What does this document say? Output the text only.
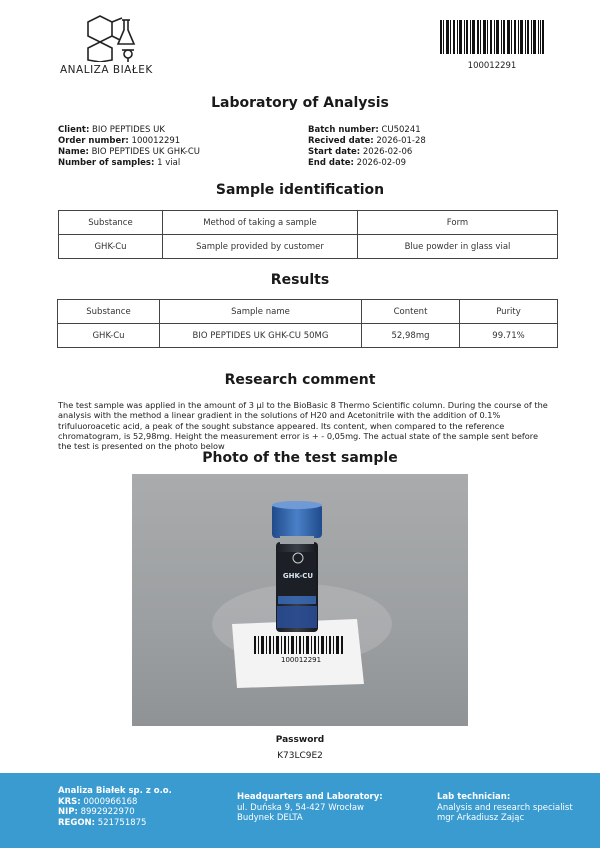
ANALIZA BIAŁEK	100012291
Laboratory of Analysis
Client: BIO PEPTIDES UK
Order number: 100012291
Name: BIO PEPTIDES UK GHK-CU
Number of samples: 1 vial
Batch number: CU50241
Recived date: 2026-01-28
Start date: 2026-02-06
End date: 2026-02-09
Sample identification
Substance	Method of taking a sample	Form
GHK-Cu	Sample provided by customer	Blue powder in glass vial
Results
Substance	Sample name	Content	Purity
GHK-Cu	BIO PEPTIDES UK GHK-CU 50MG	52,98mg	99.71%
Research comment
The test sample was applied in the amount of 3 µl to the BioBasic 8 Thermo Scientific column. During the course of the analysis with the method a linear gradient in the solutions of H20 and Acetonitrile with the addition of 0.1% trifuluoroacetic acid, a peak of the sought substance appeared. Its content, when compared to the reference chromatogram, is 52,98mg. Height the measurement error is + - 0,05mg. The actual state of the sample sent before the test is presented on the photo below
Photo of the test sample
100012291
GHK-CU
Password
K73LC9E2
Analiza Białek sp. z o.o.
KRS: 0000966168
NIP: 8992922970
REGON: 521751875
Headquarters and Laboratory:
ul. Duńska 9, 54-427 Wrocław
Budynek DELTA
Lab technician:
Analysis and research specialist
mgr Arkadiusz Zając
